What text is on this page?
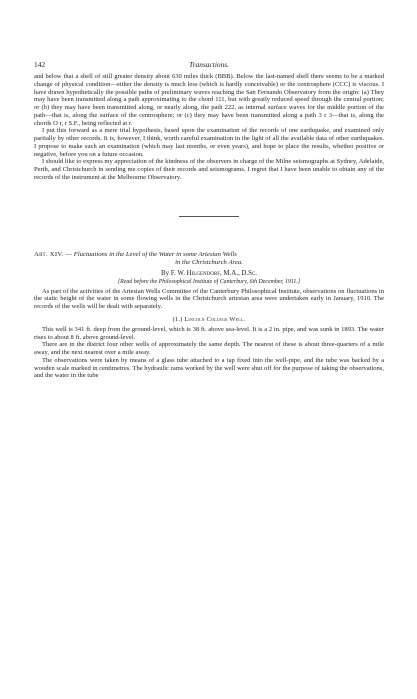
142	Transactions.

and below that a shell of still greater density about 630 miles thick (BBB). Below the last-named shell there seems to be a marked change of physical condition—either the density is much less (which is hardly conceivable) or the centrosphere (CCC) is viscous. I have drawn hypothetically the possible paths of preliminary waves reaching the San Fernando Observatory from the origin: (a) They may have been transmitted along a path approximating to the chord 111, but with greatly reduced speed through the central portion; or (b) they may have been transmitted along, or nearly along, the path 222, as internal surface waves for the middle portion of the path—that is, along the surface of the centrosphere; or (c) they may have been transmitted along a path 3 r 3—that is, along the chords O r, r S.F., being reflected at r.

I put this forward as a mere trial hypothesis, based upon the examination of the records of one earthquake, and examined only partially by other records. It is, however, I think, worth careful examination in the light of all the available data of other earthquakes. I propose to make such an examination (which may last months, or even years), and hope to place the results, whether positive or negative, before you on a future occasion.

I should like to express my appreciation of the kindness of the observers in charge of the Milne seismographs at Sydney, Adelaide, Perth, and Christchurch in sending me copies of their records and seismograms. I regret that I have been unable to obtain any of the records of the instrument at the Melbourne Observatory.

Art. XIV. — Fluctuations in the Level of the Water in some Artesian Wells
in the Christchurch Area.
By F. W. Hilgendorf, M.A., D.Sc.
[Read before the Philosophical Institute of Canterbury, 6th December, 1911.]

As part of the activities of the Artesian Wells Committee of the Canterbury Philosophical Institute, observations on fluctuations in the static height of the water in some flowing wells in the Christchurch artesian area were undertaken early in January, 1910. The records of the wells will be dealt with separately.

(1.) Lincoln College Well.

This well is 341 ft. deep from the ground-level, which is 38 ft. above sea-level. It is a 2 in. pipe, and was sunk in 1893. The water rises to about 8 ft. above ground-level.

There are in the district four other wells of approximately the same depth. The nearest of these is about three-quarters of a mile away, and the next nearest over a mile away.

The observations were taken by means of a glass tube attached to a tap fixed into the well-pipe, and the tube was backed by a wooden scale marked in centimetres. The hydraulic rams worked by the well were shut off for the purpose of taking the observations, and the water in the tube
